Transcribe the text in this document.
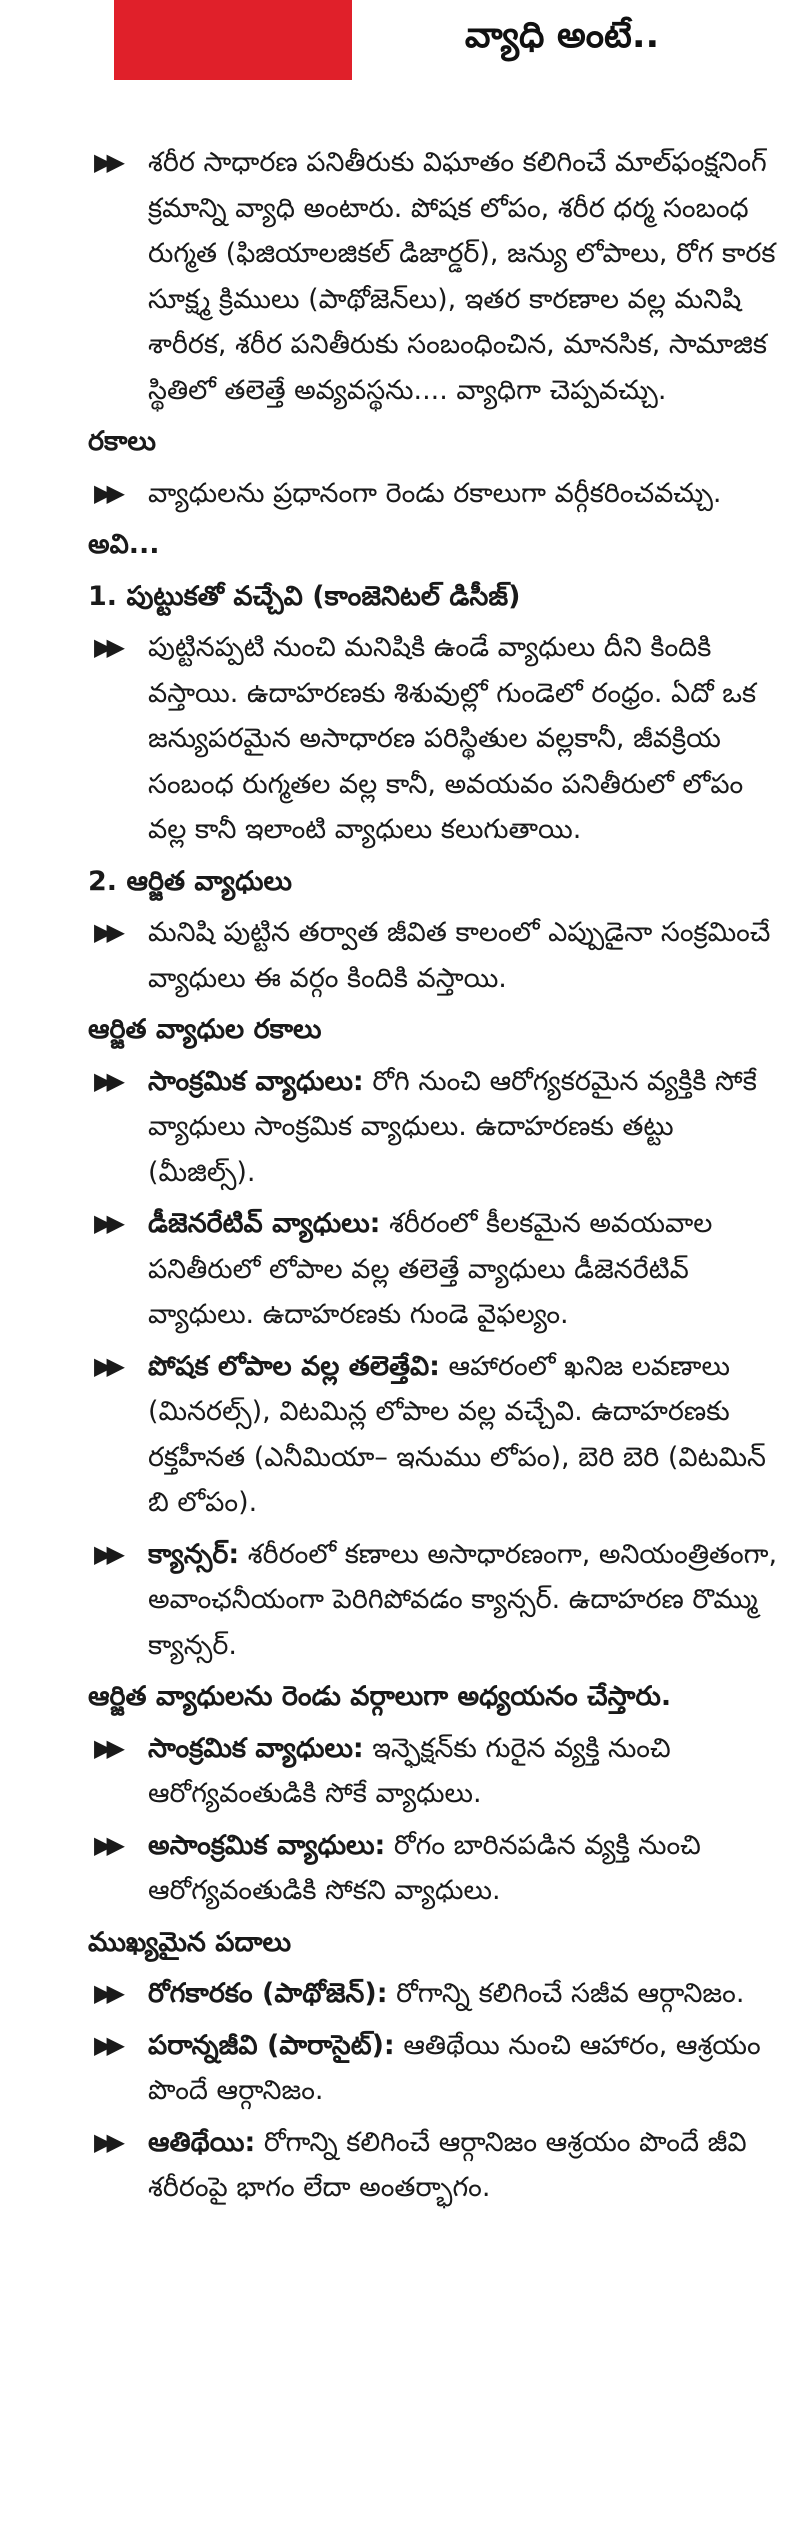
వ్యాధి అంటే..
▶▶ శరీర సాధారణ పనితీరుకు విఘాతం కలిగించే మాల్‌ఫంక్షనింగ్ క్రమాన్ని వ్యాధి అంటారు. పోషక లోపం, శరీర ధర్మ సంబంధ రుగ్మత (ఫిజియాలజికల్ డిజార్డర్), జన్యు లోపాలు, రోగ కారక సూక్ష్మ క్రిములు (పాథోజెన్‌లు), ఇతర కారణాల వల్ల మనిషి శారీరక, శరీర పనితీరుకు సంబంధించిన, మానసిక, సామాజిక స్థితిలో తలెత్తే అవ్యవస్థను.... వ్యాధిగా చెప్పవచ్చు.
రకాలు
▶▶ వ్యాధులను ప్రధానంగా రెండు రకాలుగా వర్గీకరించవచ్చు.
అవి...
1. పుట్టుకతో వచ్చేవి (కాంజెనిటల్ డిసీజ్)
▶▶ పుట్టినప్పటి నుంచి మనిషికి ఉండే వ్యాధులు దీని కిందికి వస్తాయి. ఉదాహరణకు శిశువుల్లో గుండెలో రంధ్రం. ఏదో ఒక జన్యుపరమైన అసాధారణ పరిస్థితుల వల్లకానీ, జీవక్రియ సంబంధ రుగ్మతల వల్ల కానీ, అవయవం పనితీరులో లోపం వల్ల కానీ ఇలాంటి వ్యాధులు కలుగుతాయి.
2. ఆర్జిత వ్యాధులు
▶▶ మనిషి పుట్టిన తర్వాత జీవిత కాలంలో ఎప్పుడైనా సంక్రమించే వ్యాధులు ఈ వర్గం కిందికి వస్తాయి.
ఆర్జిత వ్యాధుల రకాలు
▶▶ సాంక్రమిక వ్యాధులు: రోగి నుంచి ఆరోగ్యకరమైన వ్యక్తికి సోకే వ్యాధులు సాంక్రమిక వ్యాధులు. ఉదాహరణకు తట్టు (మీజిల్స్).
▶▶ డీజెనరేటివ్ వ్యాధులు: శరీరంలో కీలకమైన అవయవాల పనితీరులో లోపాల వల్ల తలెత్తే వ్యాధులు డీజెనరేటివ్ వ్యాధులు. ఉదాహరణకు గుండె వైఫల్యం.
▶▶ పోషక లోపాల వల్ల తలెత్తేవి: ఆహారంలో ఖనిజ లవణాలు (మినరల్స్), విటమిన్ల లోపాల వల్ల వచ్చేవి. ఉదాహరణకు రక్తహీనత (ఎనీమియా– ఇనుము లోపం), బెరి బెరి (విటమిన్ బి లోపం).
▶▶ క్యాన్సర్: శరీరంలో కణాలు అసాధారణంగా, అనియంత్రితంగా, అవాంఛనీయంగా పెరిగిపోవడం క్యాన్సర్. ఉదాహరణ రొమ్ము క్యాన్సర్.
ఆర్జిత వ్యాధులను రెండు వర్గాలుగా అధ్యయనం చేస్తారు.
▶▶ సాంక్రమిక వ్యాధులు: ఇన్ఫెక్షన్‌కు గురైన వ్యక్తి నుంచి ఆరోగ్యవంతుడికి సోకే వ్యాధులు.
▶▶ అసాంక్రమిక వ్యాధులు: రోగం బారినపడిన వ్యక్తి నుంచి ఆరోగ్యవంతుడికి సోకని వ్యాధులు.
ముఖ్యమైన పదాలు
▶▶ రోగకారకం (పాథోజెన్): రోగాన్ని కలిగించే సజీవ ఆర్గానిజం.
▶▶ పరాన్నజీవి (పారాసైట్): ఆతిథేయి నుంచి ఆహారం, ఆశ్రయం పొందే ఆర్గానిజం.
▶▶ ఆతిథేయి: రోగాన్ని కలిగించే ఆర్గానిజం ఆశ్రయం పొందే జీవి శరీరంపై భాగం లేదా అంతర్భాగం.
